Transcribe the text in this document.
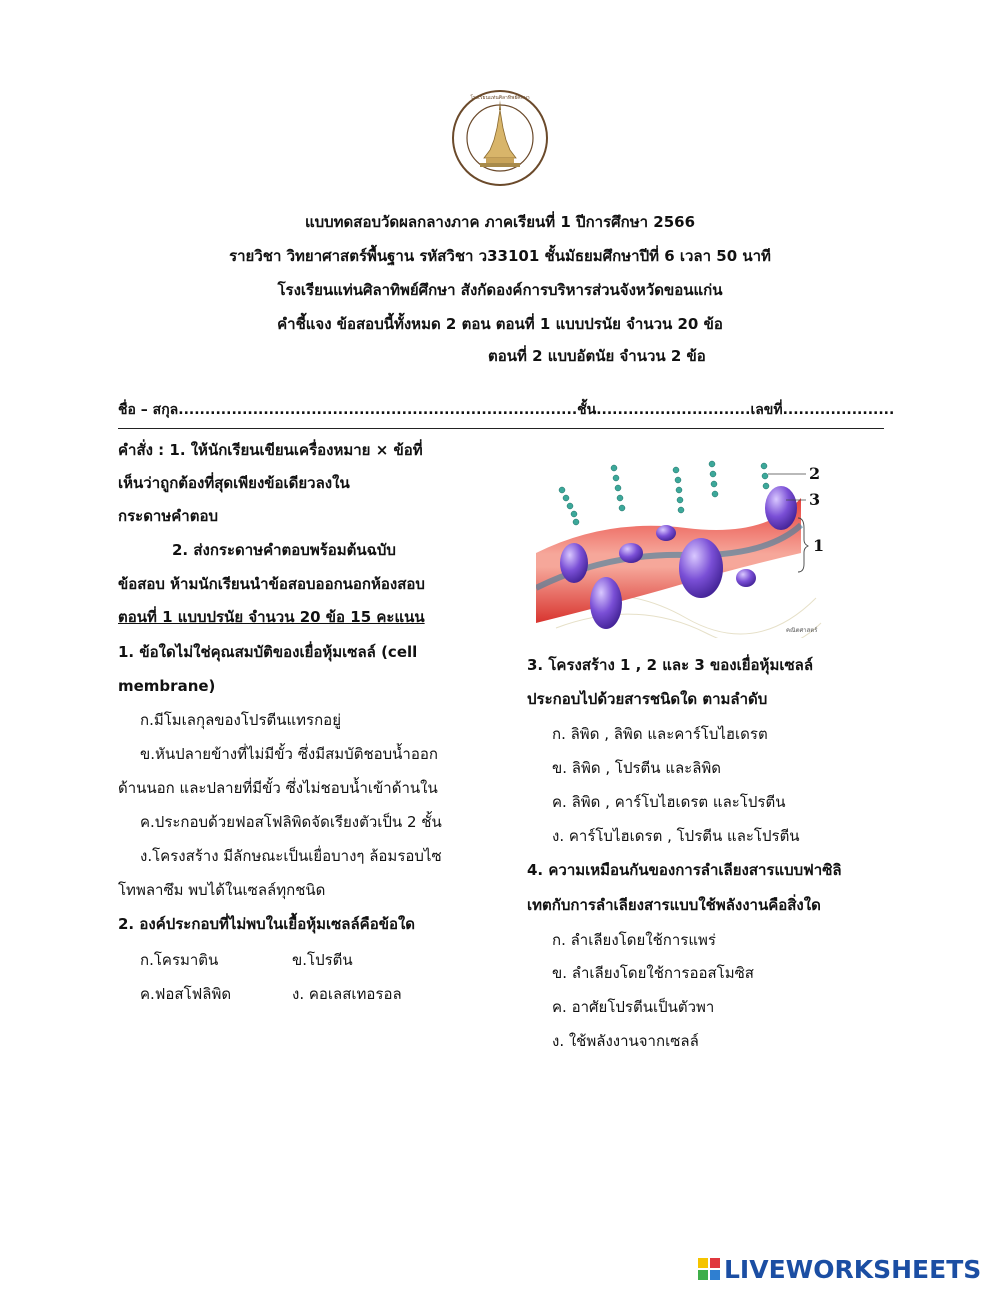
โรงเรียนแท่นศิลาทิพย์ศึกษา
แบบทดสอบวัดผลกลางภาค ภาคเรียนที่ 1 ปีการศึกษา 2566
รายวิชา วิทยาศาสตร์พื้นฐาน รหัสวิชา ว33101 ชั้นมัธยมศึกษาปีที่ 6 เวลา 50 นาที
โรงเรียนแท่นศิลาทิพย์ศึกษา สังกัดองค์การบริหารส่วนจังหวัดขอนแก่น
คำชี้แจง ข้อสอบนี้ทั้งหมด 2 ตอน ตอนที่ 1 แบบปรนัย จำนวน 20 ข้อ
ตอนที่ 2 แบบอัตนัย จำนวน 2 ข้อ
ชื่อ – สกุล...........................................................................ชั้น.............................เลขที่.....................
คำสั่ง : 1. ให้นักเรียนเขียนเครื่องหมาย × ข้อที่
เห็นว่าถูกต้องที่สุดเพียงข้อเดียวลงใน
กระดาษคำตอบ
2. ส่งกระดาษคำตอบพร้อมต้นฉบับ
ข้อสอบ ห้ามนักเรียนนำข้อสอบออกนอกห้องสอบ
ตอนที่ 1 แบบปรนัย จำนวน 20 ข้อ 15 คะแนน
1. ข้อใดไม่ใช่คุณสมบัติของเยื่อหุ้มเซลล์ (cell
membrane)
ก.มีโมเลกุลของโปรตีนแทรกอยู่
ข.หันปลายข้างที่ไม่มีขั้ว ซึ่งมีสมบัติชอบน้ำออก
ด้านนอก และปลายที่มีขั้ว ซึ่งไม่ชอบน้ำเข้าด้านใน
ค.ประกอบด้วยฟอสโฟลิพิดจัดเรียงตัวเป็น 2 ชั้น
ง.โครงสร้าง มีลักษณะเป็นเยื่อบางๆ ล้อมรอบไซ
โทพลาซึม พบได้ในเซลล์ทุกชนิด
2. องค์ประกอบที่ไม่พบในเยื้อหุ้มเซลล์คือข้อใด
ก.โครมาติน	ข.โปรตีน
ค.ฟอสโฟลิพิด	ง. คอเลสเทอรอล
คณิตศาสตร์
2
3
1
3. โครงสร้าง 1 , 2 และ 3 ของเยื่อหุ้มเซลล์
ประกอบไปด้วยสารชนิดใด ตามลำดับ
ก. ลิพิด , ลิพิด และคาร์โบไฮเดรต
ข. ลิพิด , โปรตีน และลิพิด
ค. ลิพิด , คาร์โบไฮเดรต และโปรตีน
ง. คาร์โบไฮเดรต , โปรตีน และโปรตีน
4. ความเหมือนกันของการลำเลียงสารแบบฟาซิลิ
เทตกับการลำเลียงสารแบบใช้พลังงานคือสิ่งใด
ก. ลำเลียงโดยใช้การแพร่
ข. ลำเลียงโดยใช้การออสโมซิส
ค. อาศัยโปรตีนเป็นตัวพา
ง. ใช้พลังงานจากเซลล์
LIVEWORKSHEETS
